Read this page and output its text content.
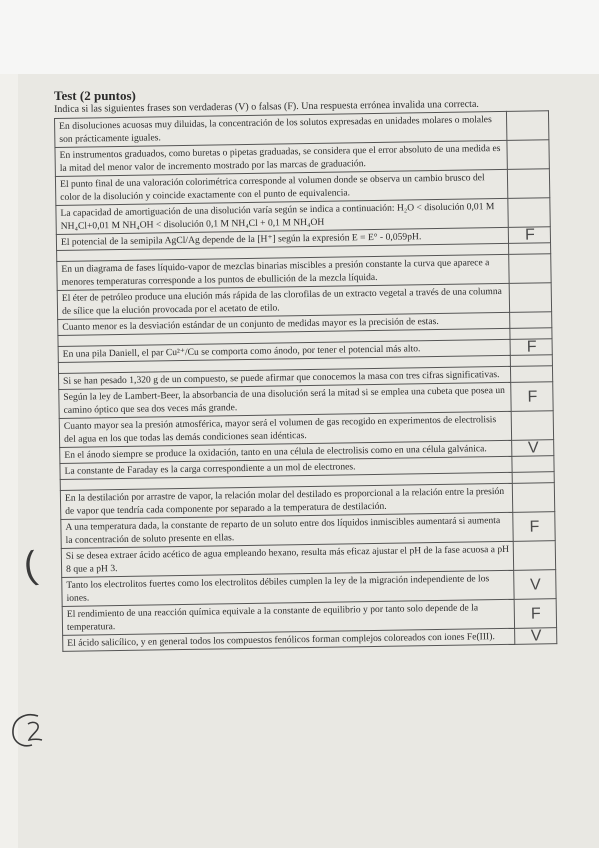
Test (2 puntos)
Indica si las siguientes frases son verdaderas (V) o falsas (F). Una respuesta errónea invalida una correcta.
En disoluciones acuosas muy diluidas, la concentración de los solutos expresadas en unidades molares o molales son prácticamente iguales.	
En instrumentos graduados, como buretas o pipetas graduadas, se considera que el error absoluto de una medida es la mitad del menor valor de incremento mostrado por las marcas de graduación.	
El punto final de una valoración colorimétrica corresponde al volumen donde se observa un cambio brusco del color de la disolución y coincide exactamente con el punto de equivalencia.	
La capacidad de amortiguación de una disolución varía según se indica a continuación: H₂O < disolución 0,01 M NH₄Cl+0,01 M NH₄OH < disolución 0,1 M NH₄Cl + 0,1 M NH₄OH	
El potencial de la semipila AgCl/Ag depende de la [H⁺] según la expresión E = E° - 0,059pH.	F

En un diagrama de fases líquido-vapor de mezclas binarias miscibles a presión constante la curva que aparece a menores temperaturas corresponde a los puntos de ebullición de la mezcla líquida.	
El éter de petróleo produce una elución más rápida de las clorofilas de un extracto vegetal a través de una columna de sílice que la elución provocada por el acetato de etilo.	
Cuanto menor es la desviación estándar de un conjunto de medidas mayor es la precisión de estas.	

En una pila Daniell, el par Cu²⁺/Cu se comporta como ánodo, por tener el potencial más alto.	F

Si se han pesado 1,320 g de un compuesto, se puede afirmar que conocemos la masa con tres cifras significativas.	
Según la ley de Lambert-Beer, la absorbancia de una disolución será la mitad si se emplea una cubeta que posea un camino óptico que sea dos veces más grande.	F
Cuanto mayor sea la presión atmosférica, mayor será el volumen de gas recogido en experimentos de electrolisis del agua en los que todas las demás condiciones sean idénticas.	
En el ánodo siempre se produce la oxidación, tanto en una célula de electrolisis como en una célula galvánica.	V
La constante de Faraday es la carga correspondiente a un mol de electrones.	

En la destilación por arrastre de vapor, la relación molar del destilado es proporcional a la relación entre la presión de vapor que tendría cada componente por separado a la temperatura de destilación.	
A una temperatura dada, la constante de reparto de un soluto entre dos líquidos inmiscibles aumentará si aumenta la concentración de soluto presente en ellas.	F
Si se desea extraer ácido acético de agua empleando hexano, resulta más eficaz ajustar el pH de la fase acuosa a pH 8 que a pH 3.	
Tanto los electrolitos fuertes como los electrolitos débiles cumplen la ley de la migración independiente de los iones.	V
El rendimiento de una reacción química equivale a la constante de equilibrio y por tanto solo depende de la temperatura.	F
El ácido salicílico, y en general todos los compuestos fenólicos forman complejos coloreados con iones Fe(III).	V
(
